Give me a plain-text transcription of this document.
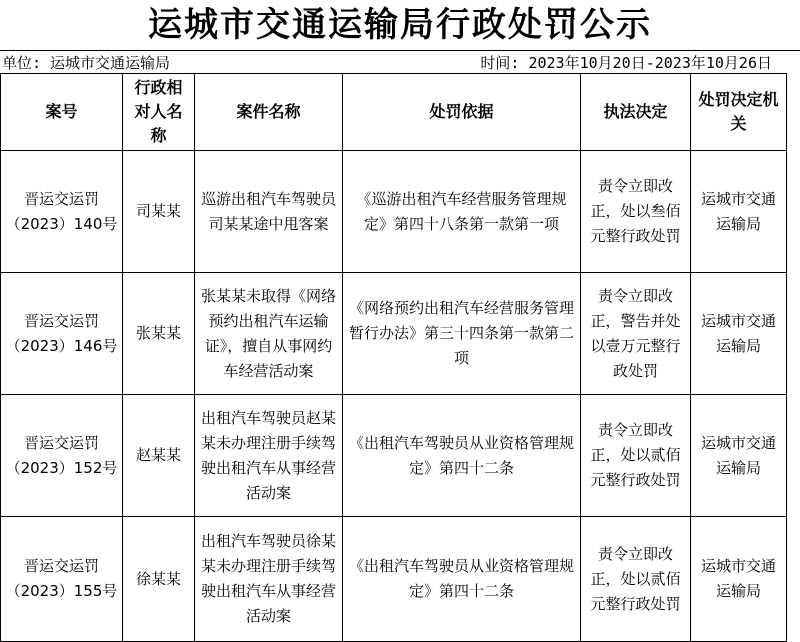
运城市交通运输局行政处罚公示
单位: 运城市交通运输局	时间: 2023年10月20日-2023年10月26日
案号	行政相对人名称	案件名称	处罚依据	执法决定	处罚决定机关
晋运交运罚（2023）140号	司某某	巡游出租汽车驾驶员司某某途中甩客案	《巡游出租汽车经营服务管理规定》第四十八条第一款第一项	责令立即改正，处以叁佰元整行政处罚	运城市交通运输局
晋运交运罚（2023）146号	张某某	张某某未取得《网络预约出租汽车运输证》，擅自从事网约车经营活动案	《网络预约出租汽车经营服务管理暂行办法》第三十四条第一款第二项	责令立即改正，警告并处以壹万元整行政处罚	运城市交通运输局
晋运交运罚（2023）152号	赵某某	出租汽车驾驶员赵某某未办理注册手续驾驶出租汽车从事经营活动案	《出租汽车驾驶员从业资格管理规定》第四十二条	责令立即改正，处以贰佰元整行政处罚	运城市交通运输局
晋运交运罚（2023）155号	徐某某	出租汽车驾驶员徐某某未办理注册手续驾驶出租汽车从事经营活动案	《出租汽车驾驶员从业资格管理规定》第四十二条	责令立即改正，处以贰佰元整行政处罚	运城市交通运输局
